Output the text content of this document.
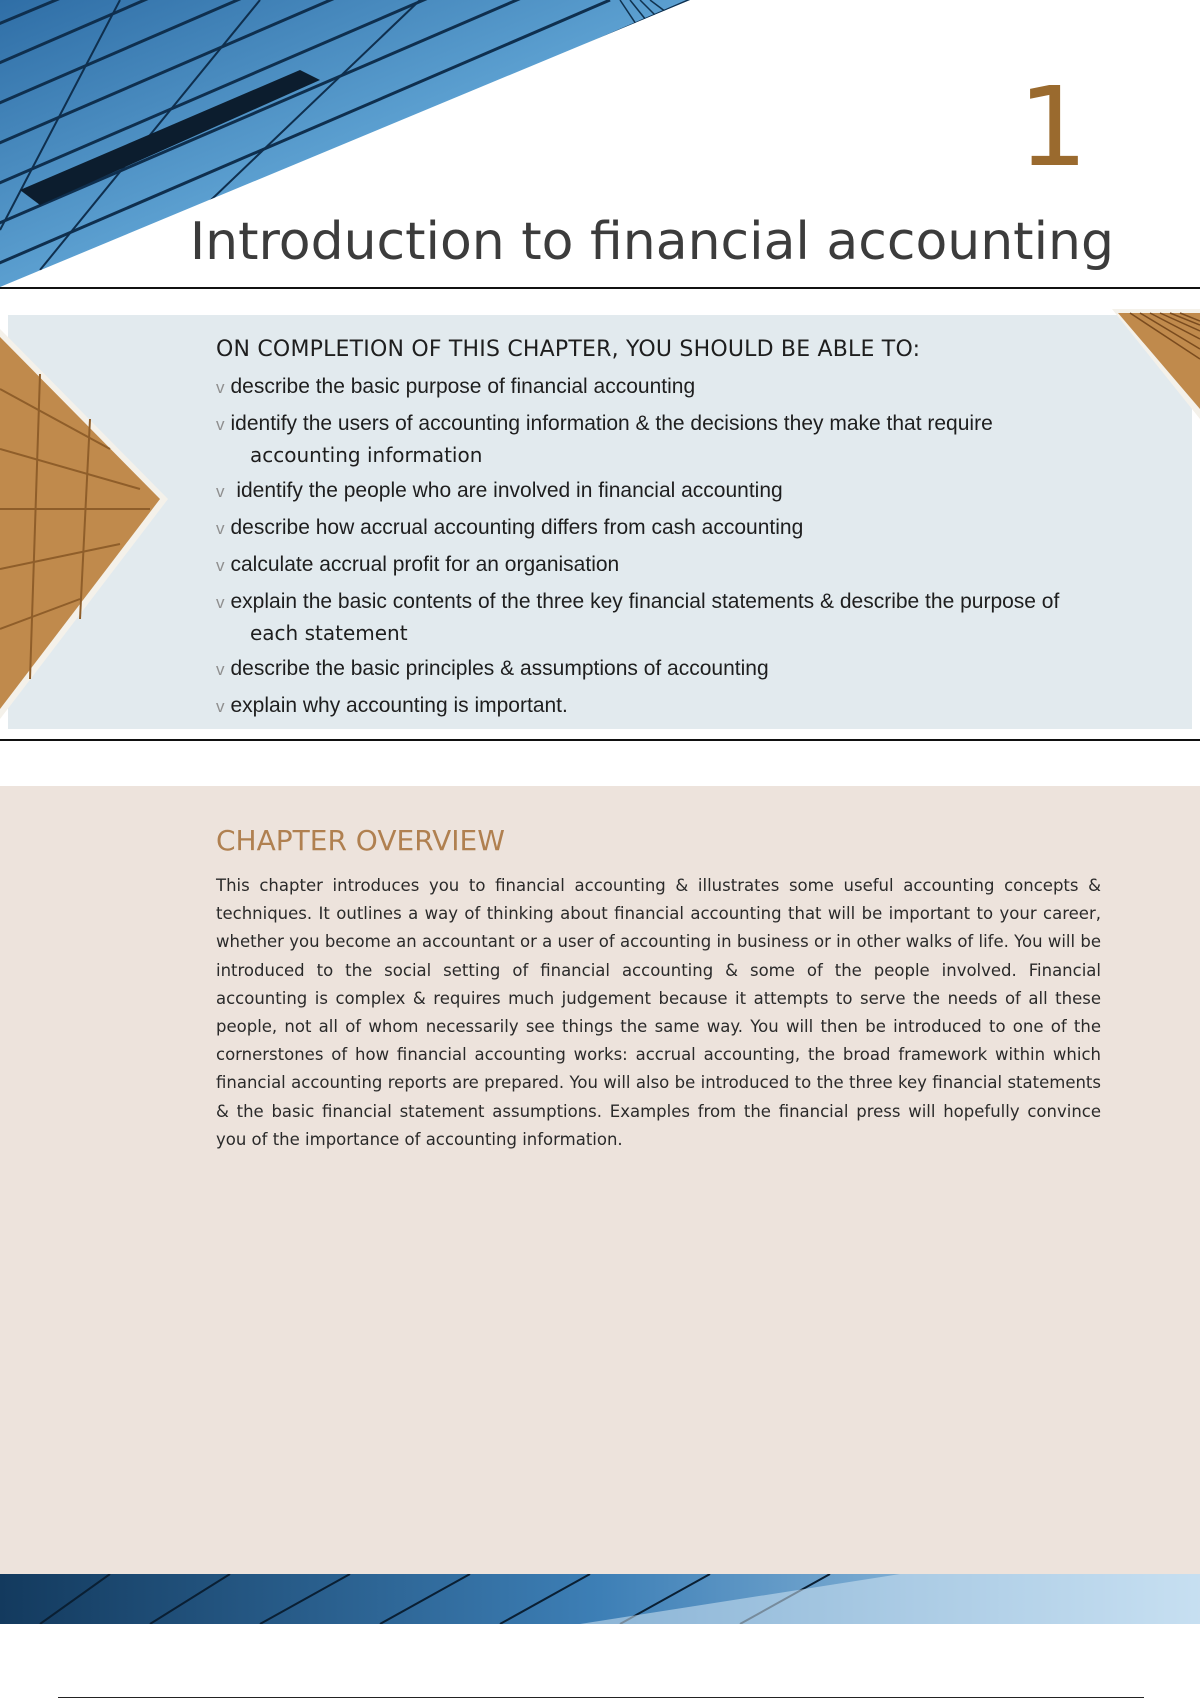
1
Introduction to financial accounting
ON COMPLETION OF THIS CHAPTER, YOU SHOULD BE ABLE TO:
v describe the basic purpose of financial accounting
v identify the users of accounting information & the decisions they make that require
accounting information
v identify the people who are involved in financial accounting
v describe how accrual accounting differs from cash accounting
v calculate accrual profit for an organisation
v explain the basic contents of the three key financial statements & describe the purpose of
each statement
v describe the basic principles & assumptions of accounting
v explain why accounting is important.
CHAPTER OVERVIEW

This chapter introduces you to financial accounting & illustrates some useful accounting concepts & techniques. It outlines a way of thinking about financial accounting that will be important to your career, whether you become an accountant or a user of accounting in business or in other walks of life. You will be introduced to the social setting of financial accounting & some of the people involved. Financial accounting is complex & requires much judgement because it attempts to serve the needs of all these people, not all of whom necessarily see things the same way. You will then be introduced to one of the cornerstones of how financial accounting works: accrual accounting, the broad framework within which financial accounting reports are prepared. You will also be introduced to the three key financial statements & the basic financial statement assumptions. Examples from the financial press will hopefully convince you of the importance of accounting information.
